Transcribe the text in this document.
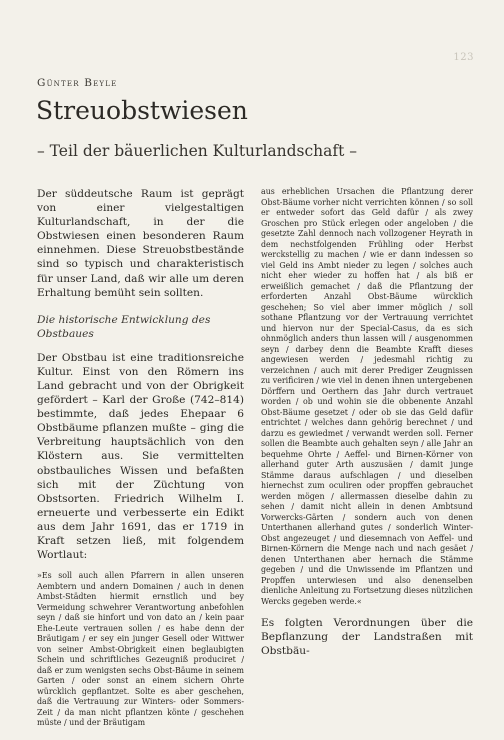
123
Günter Beyle
Streuobstwiesen
– Teil der bäuerlichen Kulturlandschaft –

Der süddeutsche Raum ist geprägt von einer vielgestaltigen Kulturlandschaft, in der die Obstwiesen einen besonderen Raum einnehmen. Diese Streuobstbestände sind so typisch und charakteristisch für unser Land, daß wir alle um deren Erhaltung bemüht sein sollten.

Die historische Entwicklung des Obstbaues

Der Obstbau ist eine traditionsreiche Kultur. Einst von den Römern ins Land gebracht und von der Obrigkeit gefördert – Karl der Große (742–814) bestimmte, daß jedes Ehepaar 6 Obstbäume pflanzen mußte – ging die Verbreitung hauptsächlich von den Klöstern aus. Sie vermittelten obstbauliches Wissen und befaßten sich mit der Züchtung von Obstsorten. Friedrich Wilhelm I. erneuerte und verbesserte ein Edikt aus dem Jahr 1691, das er 1719 in Kraft setzen ließ, mit folgendem Wortlaut:

»Es soll auch allen Pfarrern in allen unseren Aembtern und andern Domainen / auch in denen Ambst-Städten hiermit ernstlich und bey Vermeidung schwehrer Verantwortung anbefohlen seyn / daß sie hinfort und von dato an / kein paar Ehe-Leute vertrauen sollen / es habe denn der Bräutigam / er sey ein junger Gesell oder Wittwer von seiner Ambst-Obrigkeit einen beglaubigten Schein und schriftliches Gezeugniß produciret / daß er zum wenigsten sechs Obst-Bäume in seinem Garten / oder sonst an einem sichern Ohrte würcklich gepflantzet. Solte es aber geschehen, daß die Vertrauung zur Winters- oder Sommers-Zeit / da man nicht pflantzen könte / geschehen müste / und der Bräutigam

aus erheblichen Ursachen die Pflantzung derer Obst-Bäume vorher nicht verrichten können / so soll er entweder sofort das Geld dafür / als zwey Groschen pro Stück erlegen oder angeloben / die gesetzte Zahl dennoch nach vollzogener Heyrath in dem nechstfolgenden Frühling oder Herbst werckstellig zu machen / wie er dann indessen so viel Geld ins Ambt nieder zu legen / solches auch nicht eher wieder zu hoffen hat / als biß er erweißlich gemachet / daß die Pflantzung der erforderten Anzahl Obst-Bäume würcklich geschehen; So viel aber immer möglich / soll sothane Pflantzung vor der Vertrauung verrichtet und hiervon nur der Special-Casus, da es sich ohnmöglich anders thun lassen will / ausgenommen seyn / darbey denn die Beambte Krafft dieses angewiesen werden / jedesmahl richtig zu verzeichnen / auch mit derer Prediger Zeugnissen zu verificiren / wie viel in denen ihnen untergebenen Dörffern und Oerthern das Jahr durch vertrauet worden / ob und wohin sie die obbenente Anzahl Obst-Bäume gesetzet / oder ob sie das Geld dafür entrichtet / welches dann gehörig berechnet / und darzu es gewiedmet / verwandt werden soll. Ferner sollen die Beambte auch gehalten seyn / alle Jahr an bequehme Ohrte / Aeffel- und Birnen-Körner von allerhand guter Arth auszusäen / damit junge Stämme daraus aufschlagen / und dieselben hiernechst zum oculiren oder propffen gebrauchet werden mögen / allermassen dieselbe dahin zu sehen / damit nicht allein in denen Ambtsund Vorwercks-Gärten / sondern auch von denen Unterthanen allerhand gutes / sonderlich Winter-Obst angezeuget / und diesemnach von Aeffel- und Birnen-Körnern die Menge nach und nach gesäet / denen Unterthanen aber hernach die Stämme gegeben / und die Unwissende im Pflantzen und Propffen unterwiesen und also denenselben dienliche Anleitung zu Fortsetzung dieses nützlichen Wercks gegeben werde.«

Es folgten Verordnungen über die Bepflanzung der Landstraßen mit Obstbäu-
